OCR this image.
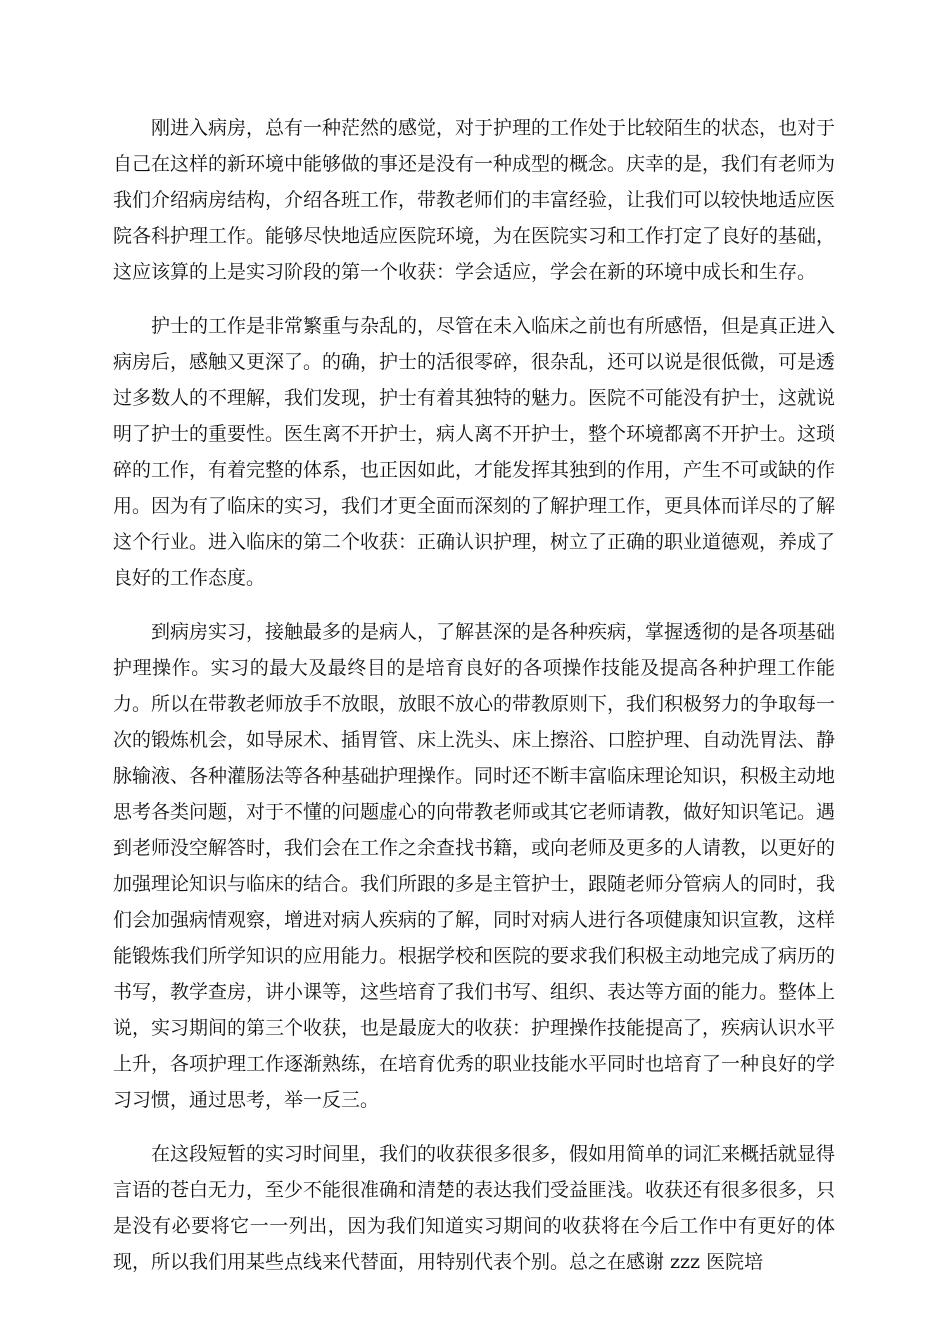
刚进入病房，总有一种茫然的感觉，对于护理的工作处于比较陌生的状态，也对于自己在这样的新环境中能够做的事还是没有一种成型的概念。庆幸的是，我们有老师为我们介绍病房结构，介绍各班工作，带教老师们的丰富经验，让我们可以较快地适应医院各科护理工作。能够尽快地适应医院环境，为在医院实习和工作打定了良好的基础，这应该算的上是实习阶段的第一个收获：学会适应，学会在新的环境中成长和生存。

护士的工作是非常繁重与杂乱的，尽管在未入临床之前也有所感悟，但是真正进入病房后，感触又更深了。的确，护士的活很零碎，很杂乱，还可以说是很低微，可是透过多数人的不理解，我们发现，护士有着其独特的魅力。医院不可能没有护士，这就说明了护士的重要性。医生离不开护士，病人离不开护士，整个环境都离不开护士。这琐碎的工作，有着完整的体系，也正因如此，才能发挥其独到的作用，产生不可或缺的作用。因为有了临床的实习，我们才更全面而深刻的了解护理工作，更具体而详尽的了解这个行业。进入临床的第二个收获：正确认识护理，树立了正确的职业道德观，养成了良好的工作态度。

到病房实习，接触最多的是病人，了解甚深的是各种疾病，掌握透彻的是各项基础护理操作。实习的最大及最终目的是培育良好的各项操作技能及提高各种护理工作能力。所以在带教老师放手不放眼，放眼不放心的带教原则下，我们积极努力的争取每一次的锻炼机会，如导尿术、插胃管、床上洗头、床上擦浴、口腔护理、自动洗胃法、静脉输液、各种灌肠法等各种基础护理操作。同时还不断丰富临床理论知识，积极主动地思考各类问题，对于不懂的问题虚心的向带教老师或其它老师请教，做好知识笔记。遇到老师没空解答时，我们会在工作之余查找书籍，或向老师及更多的人请教，以更好的加强理论知识与临床的结合。我们所跟的多是主管护士，跟随老师分管病人的同时，我们会加强病情观察，增进对病人疾病的了解，同时对病人进行各项健康知识宣教，这样能锻炼我们所学知识的应用能力。根据学校和医院的要求我们积极主动地完成了病历的书写，教学查房，讲小课等，这些培育了我们书写、组织、表达等方面的能力。整体上说，实习期间的第三个收获，也是最庞大的收获：护理操作技能提高了，疾病认识水平上升，各项护理工作逐渐熟练，在培育优秀的职业技能水平同时也培育了一种良好的学习习惯，通过思考，举一反三。

在这段短暂的实习时间里，我们的收获很多很多，假如用简单的词汇来概括就显得言语的苍白无力，至少不能很准确和清楚的表达我们受益匪浅。收获还有很多很多，只是没有必要将它一一列出，因为我们知道实习期间的收获将在今后工作中有更好的体现，所以我们用某些点线来代替面，用特别代表个别。总之在感谢 zzz 医院培
